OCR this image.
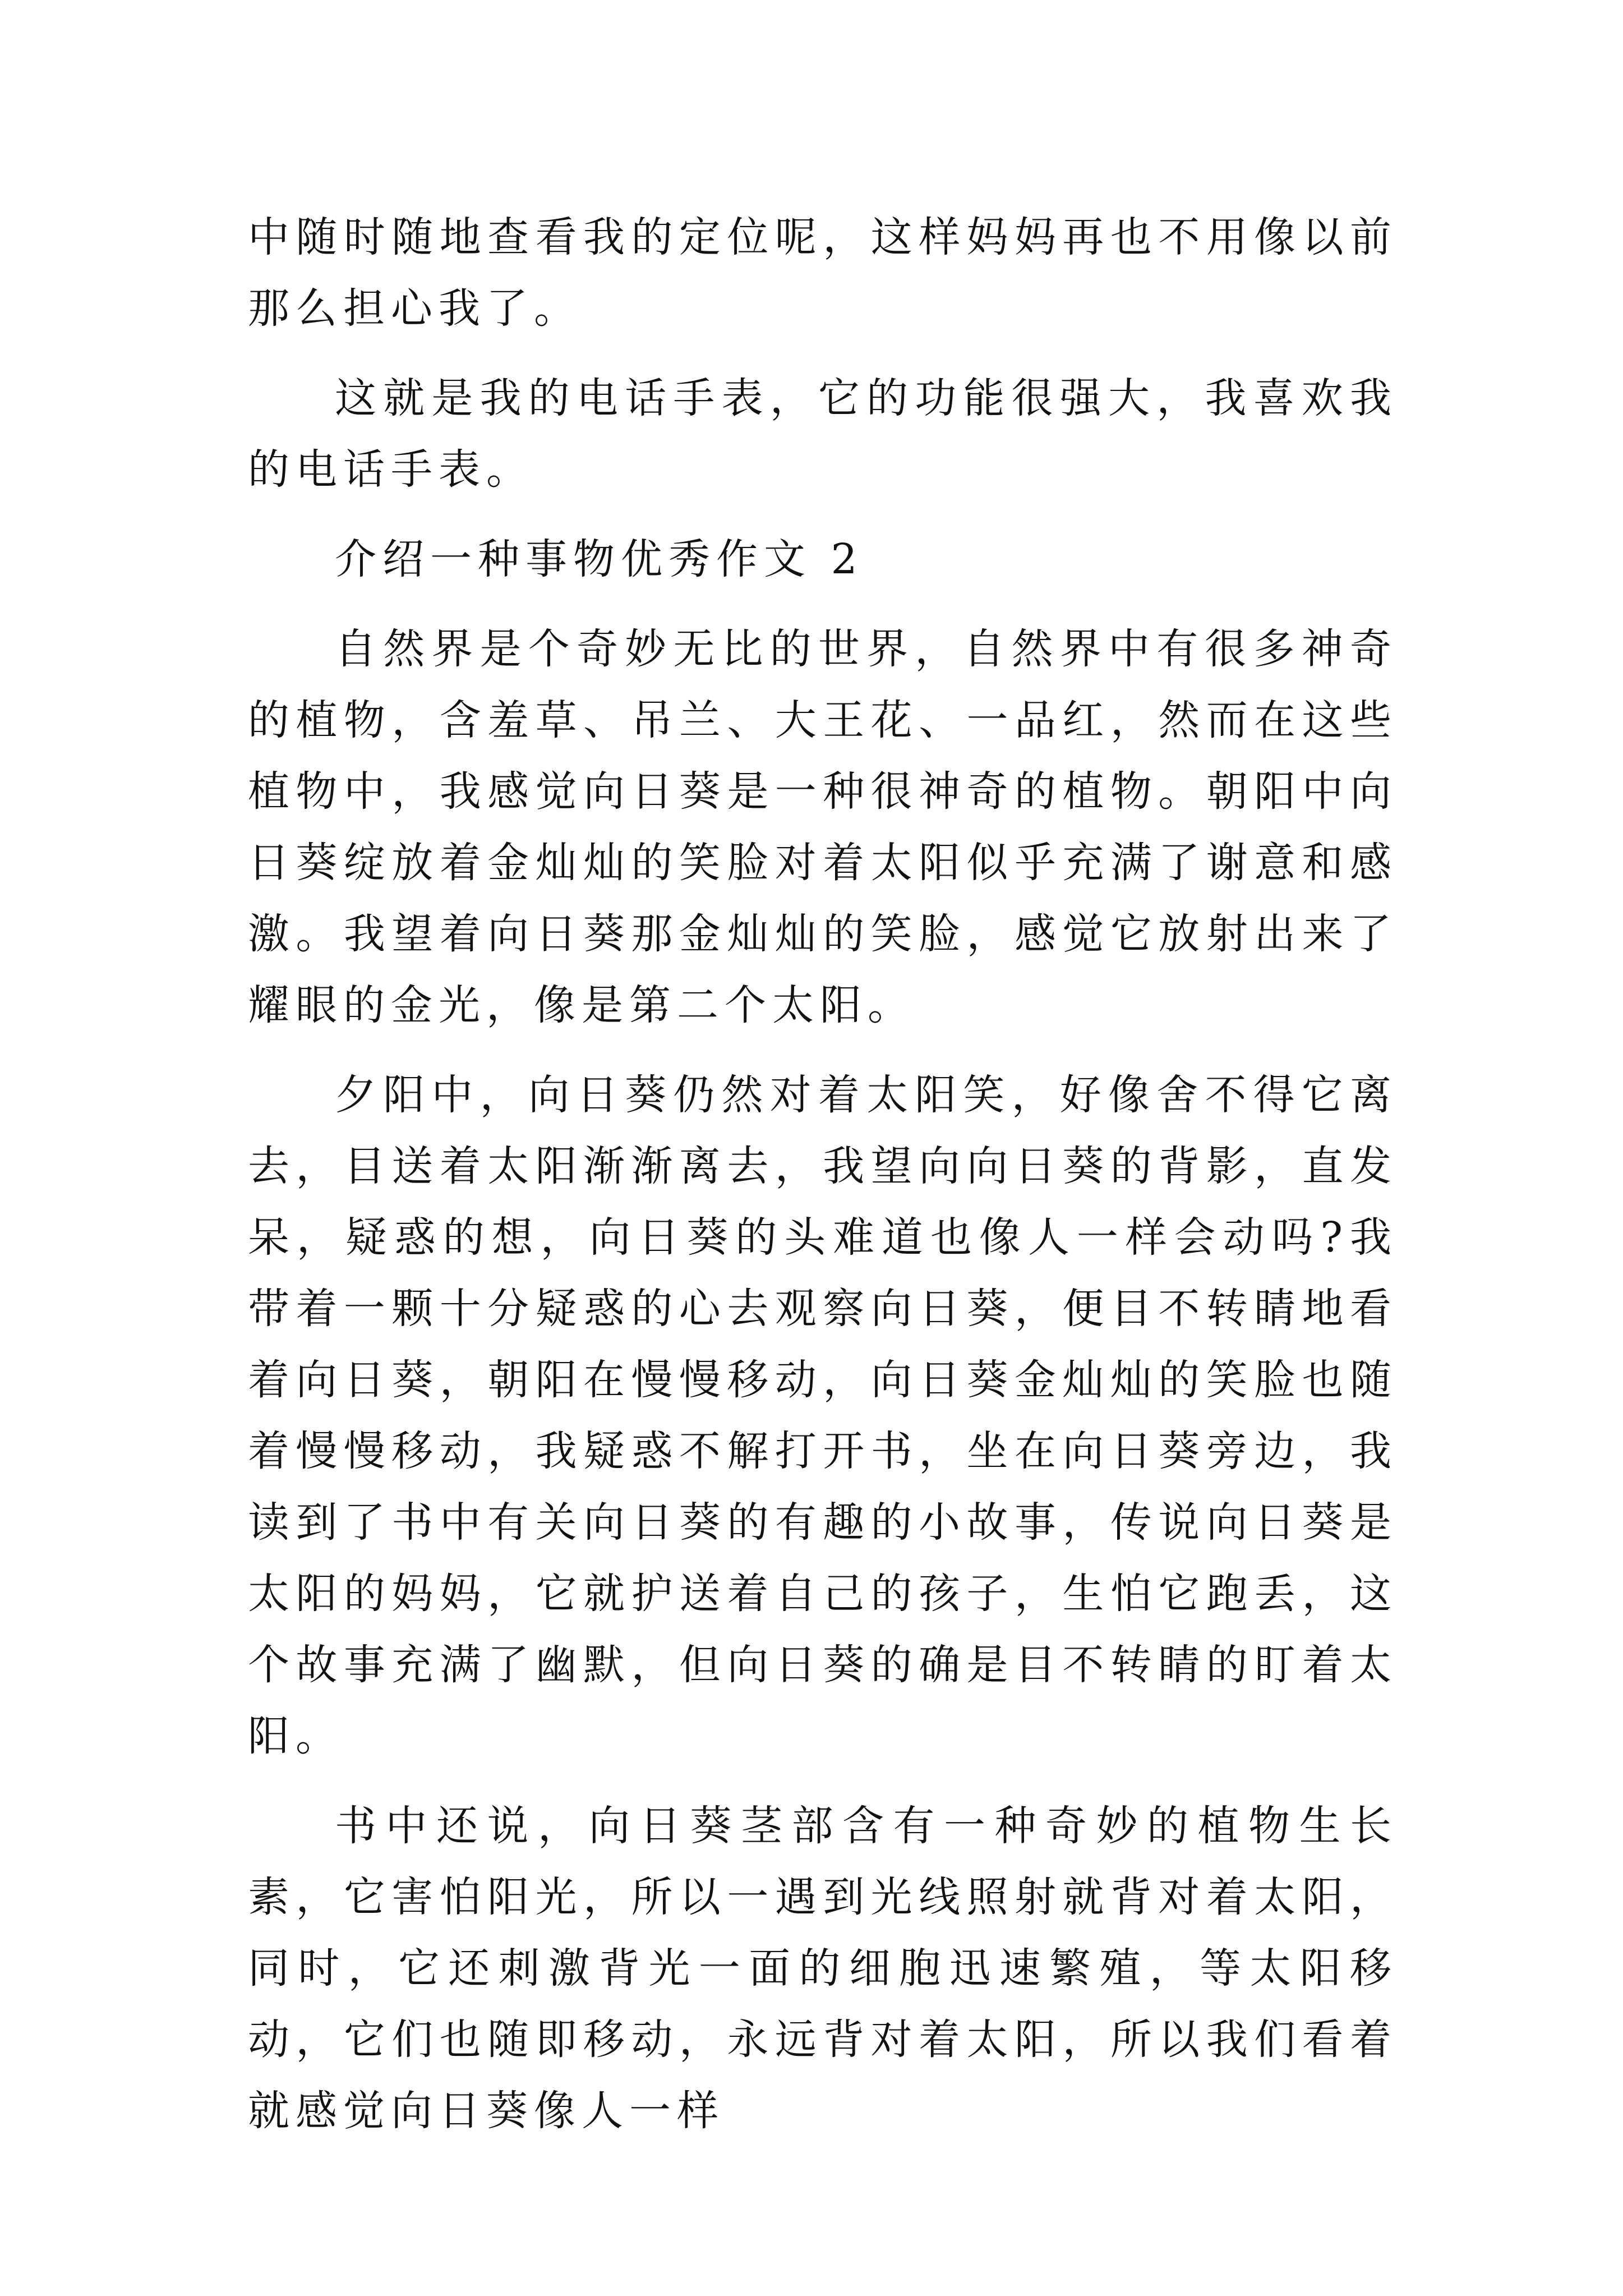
中随时随地查看我的定位呢，这样妈妈再也不用像以前那么担心我了。

这就是我的电话手表，它的功能很强大，我喜欢我的电话手表。

介绍一种事物优秀作文 2

自然界是个奇妙无比的世界，自然界中有很多神奇的植物，含羞草、吊兰、大王花、一品红，然而在这些植物中，我感觉向日葵是一种很神奇的植物。朝阳中向日葵绽放着金灿灿的笑脸对着太阳似乎充满了谢意和感激。我望着向日葵那金灿灿的笑脸，感觉它放射出来了耀眼的金光，像是第二个太阳。

夕阳中，向日葵仍然对着太阳笑，好像舍不得它离去，目送着太阳渐渐离去，我望向向日葵的背影，直发呆，疑惑的想，向日葵的头难道也像人一样会动吗?我带着一颗十分疑惑的心去观察向日葵，便目不转睛地看着向日葵，朝阳在慢慢移动，向日葵金灿灿的笑脸也随着慢慢移动，我疑惑不解打开书，坐在向日葵旁边，我读到了书中有关向日葵的有趣的小故事，传说向日葵是太阳的妈妈，它就护送着自己的孩子，生怕它跑丢，这个故事充满了幽默，但向日葵的确是目不转睛的盯着太阳。

书中还说，向日葵茎部含有一种奇妙的植物生长素，它害怕阳光，所以一遇到光线照射就背对着太阳，同时，它还刺激背光一面的细胞迅速繁殖，等太阳移动，它们也随即移动，永远背对着太阳，所以我们看着就感觉向日葵像人一样
